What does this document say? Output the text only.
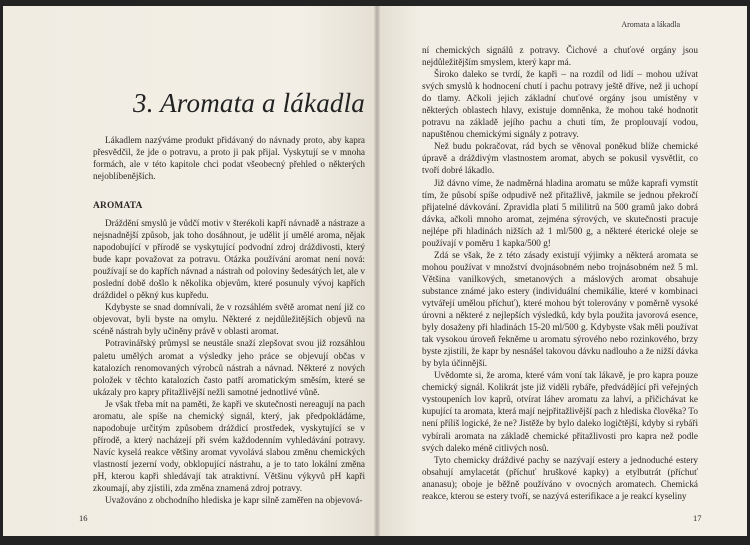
3. Aromata a lákadla

Lákadlem nazýváme produkt přidávaný do návnady proto, aby kapra přesvědčil, že jde o potravu, a proto ji pak přijal. Vyskytují se v mnoha formách, ale v této kapitole chci podat všeobecný přehled o některých nejoblíbenějších.

AROMATA

Dráždění smyslů je vůdčí motiv v šterékoli kapří návnadě a nástraze a nejsnadnější způsob, jak toho dosáhnout, je udělit jí umělé aroma, nějak napodobující v přírodě se vyskytující podvodní zdroj dráždivosti, který bude kapr považovat za potravu. Otázka používání aromat není nová: používají se do kapřích návnad a nástrah od poloviny šedesátých let, ale v poslední době došlo k několika objevům, které posunuly vývoj kapřích dráždidel o pěkný kus kupředu.

Kdybyste se snad domnívali, že v rozsáhlém světě aromat není již co objevovat, byli byste na omylu. Některé z nejdůležitějších objevů na scéně nástrah byly učiněny právě v oblasti aromat.

Potravinářský průmysl se neustále snaží zlepšovat svou již rozsáhlou paletu umělých aromat a výsledky jeho práce se objevují občas v katalozích renomovaných výrobců nástrah a návnad. Některé z nových položek v těchto katalozích často patří aromatickým směsím, které se ukázaly pro kapry přitažlivější nežli samotné jednotlivé vůně.

Je však třeba mít na paměti, že kapři ve skutečnosti nereagují na pach aromatu, ale spíše na chemický signál, který, jak předpokládáme, napodobuje určitým způsobem dráždicí prostředek, vyskytující se v přírodě, a který nacházejí při svém každodenním vyhledávání potravy. Navíc kyselá reakce většiny aromat vyvolává slabou změnu chemických vlastností jezerní vody, obklopující nástrahu, a je to tato lokální změna pH, kterou kapři shledávají tak atraktivní. Většinu výkyvů pH kapři zkoumají, aby zjistili, zda změna znamená zdroj potravy.

Uvažováno z obchodního hlediska je kapr silně zaměřen na objevová-

16
Aromata a lákadla

ní chemických signálů z potravy. Čichové a chuťové orgány jsou nejdůležitějším smyslem, který kapr má.

Široko daleko se tvrdí, že kapři – na rozdíl od lidí – mohou užívat svých smyslů k hodnocení chutí i pachu potravy ještě dříve, než ji uchopí do tlamy. Ačkoli jejich základní chuťové orgány jsou umístěny v některých oblastech hlavy, existuje domněnka, že mohou také hodnotit potravu na základě jejího pachu a chuti tím, že proplouvají vodou, napuštěnou chemickými signály z potravy.

Než budu pokračovat, rád bych se věnoval poněkud blíže chemické úpravě a dráždivým vlastnostem aromat, abych se pokusil vysvětlit, co tvoří dobré lákadlo.

Již dávno víme, že nadměrná hladina aromatu se může kaprafi vymstít tím, že působí spíše odpudivě než přitažlivě, jakmile se jednou překročí přijatelné dávkování. Zpravidla platí 5 mililitrů na 500 gramů jako dobrá dávka, ačkoli mnoho aromat, zejména sýrových, ve skutečnosti pracuje nejlépe při hladinách nižších až 1 ml/500 g, a některé éterické oleje se používají v poměru 1 kapka/500 g!

Zdá se však, že z této zásady existují výjimky a některá aromata se mohou používat v množství dvojnásobném nebo trojnásobném než 5 ml. Většina vanilkových, smetanových a máslových aromat obsahuje substance známé jako estery (individuální chemikálie, které v kombinaci vytvářejí umělou příchuť), které mohou být tolerovány v poměrně vysoké úrovni a některé z nejlepších výsledků, kdy byla použita javorová esence, byly dosaženy při hladinách 15-20 ml/500 g. Kdybyste však měli používat tak vysokou úroveň řekněme u aromatu sýrového nebo rozinkového, brzy byste zjistili, že kapr by nesnášel takovou dávku nadlouho a že nižší dávka by byla účinnější.

Uvědomte si, že aroma, které vám voní tak lákavě, je pro kapra pouze chemický signál. Kolikrát jste již viděli rybáře, předvádějící při veřejných vystoupeních lov kaprů, otvírat láhev aromatu za lahví, a přičichávat ke kupující ta aromata, která mají nejpřitažlivější pach z hlediska člověka? To není příliš logické, že ne? Jistěže by bylo daleko logičtější, kdyby si rybáři vybírali aromata na základě chemické přitažlivosti pro kapra než podle svých daleko méně citlivých nosů.

Tyto chemicky dráždivé pachy se nazývají estery a jednoduché estery obsahují amylacetát (příchuť hruškové kapky) a etylbutrát (příchuť ananasu); oboje je běžně používáno v ovocných aromatech. Chemická reakce, kterou se estery tvoří, se nazývá esterifikace a je reakcí kyseliny

17
